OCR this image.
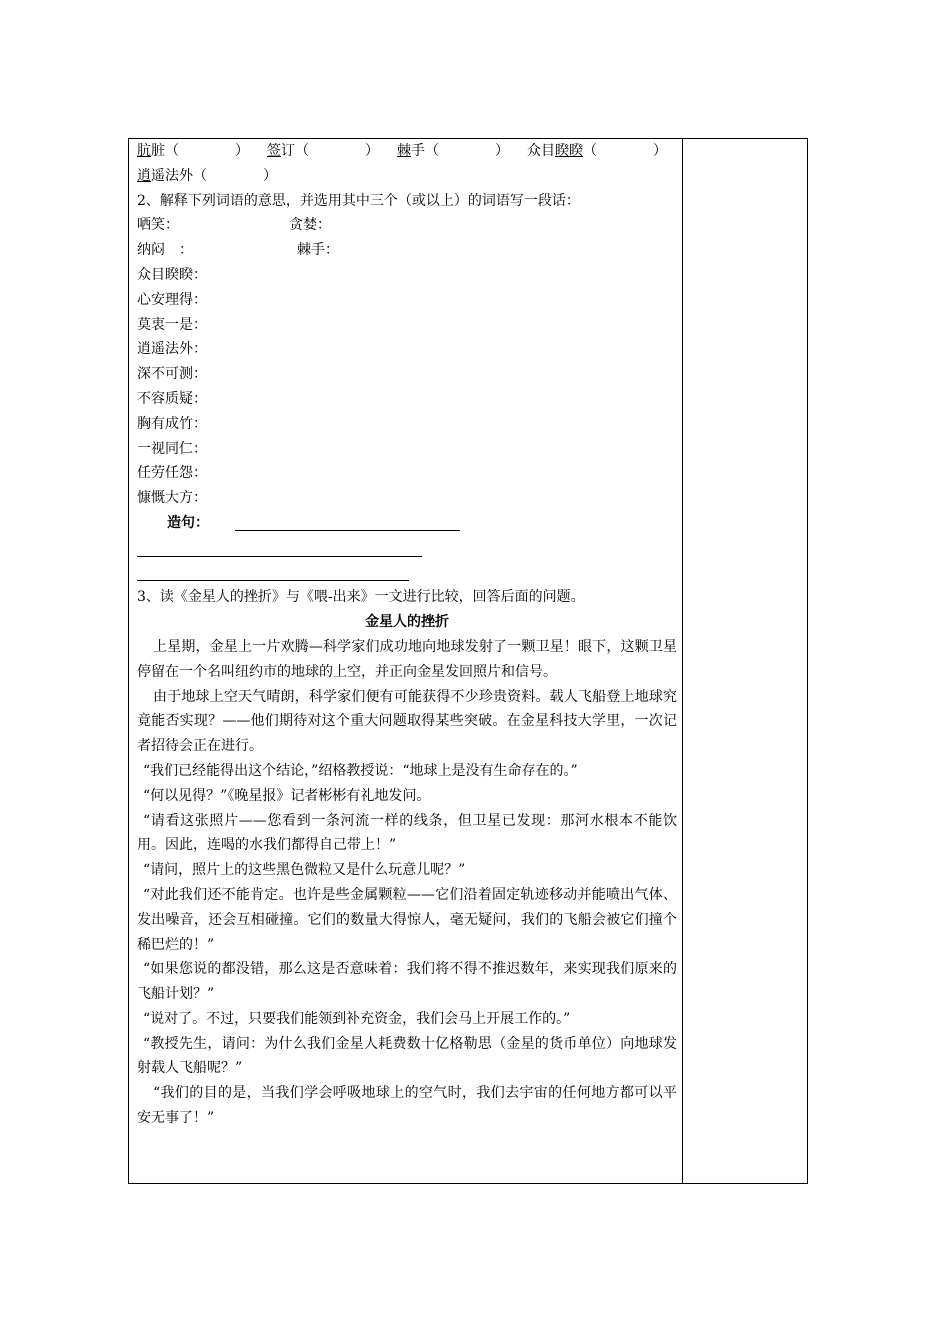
肮脏（　　　　） 签订（　　　　） 棘手（　　　　） 众目睽睽（　　　　）
逍遥法外（　　　　）
2、解释下列词语的意思，并选用其中三个（或以上）的词语写一段话：
哂笑：	贪婪：
纳闷　：	棘手：
众目睽睽：
心安理得：
莫衷一是：
逍遥法外：
深不可测：
不容质疑：
胸有成竹：
一视同仁：
任劳任怨：
慷慨大方：
造句：
3、读《金星人的挫折》与《喂-出来》一文进行比较，回答后面的问题。
金星人的挫折
上星期，金星上一片欢腾—科学家们成功地向地球发射了一颗卫星！眼下，这颗卫星停留在一个名叫纽约市的地球的上空，并正向金星发回照片和信号。
由于地球上空天气晴朗，科学家们便有可能获得不少珍贵资料。载人飞船登上地球究竟能否实现？——他们期待对这个重大问题取得某些突破。在金星科技大学里，一次记者招待会正在进行。
“我们已经能得出这个结论，”绍格教授说：“地球上是没有生命存在的。”
“何以见得？”《晚星报》记者彬彬有礼地发问。
“请看这张照片——您看到一条河流一样的线条，但卫星已发现：那河水根本不能饮用。因此，连喝的水我们都得自己带上！”
“请问，照片上的这些黑色微粒又是什么玩意儿呢？”
“对此我们还不能肯定。也许是些金属颗粒——它们沿着固定轨迹移动并能喷出气体、发出噪音，还会互相碰撞。它们的数量大得惊人，毫无疑问，我们的飞船会被它们撞个稀巴烂的！”
“如果您说的都没错，那么这是否意味着：我们将不得不推迟数年，来实现我们原来的飞船计划？”
“说对了。不过，只要我们能领到补充资金，我们会马上开展工作的。”
“教授先生，请问：为什么我们金星人耗费数十亿格勒思（金星的货币单位）向地球发射载人飞船呢？”
“我们的目的是，当我们学会呼吸地球上的空气时，我们去宇宙的任何地方都可以平安无事了！”
